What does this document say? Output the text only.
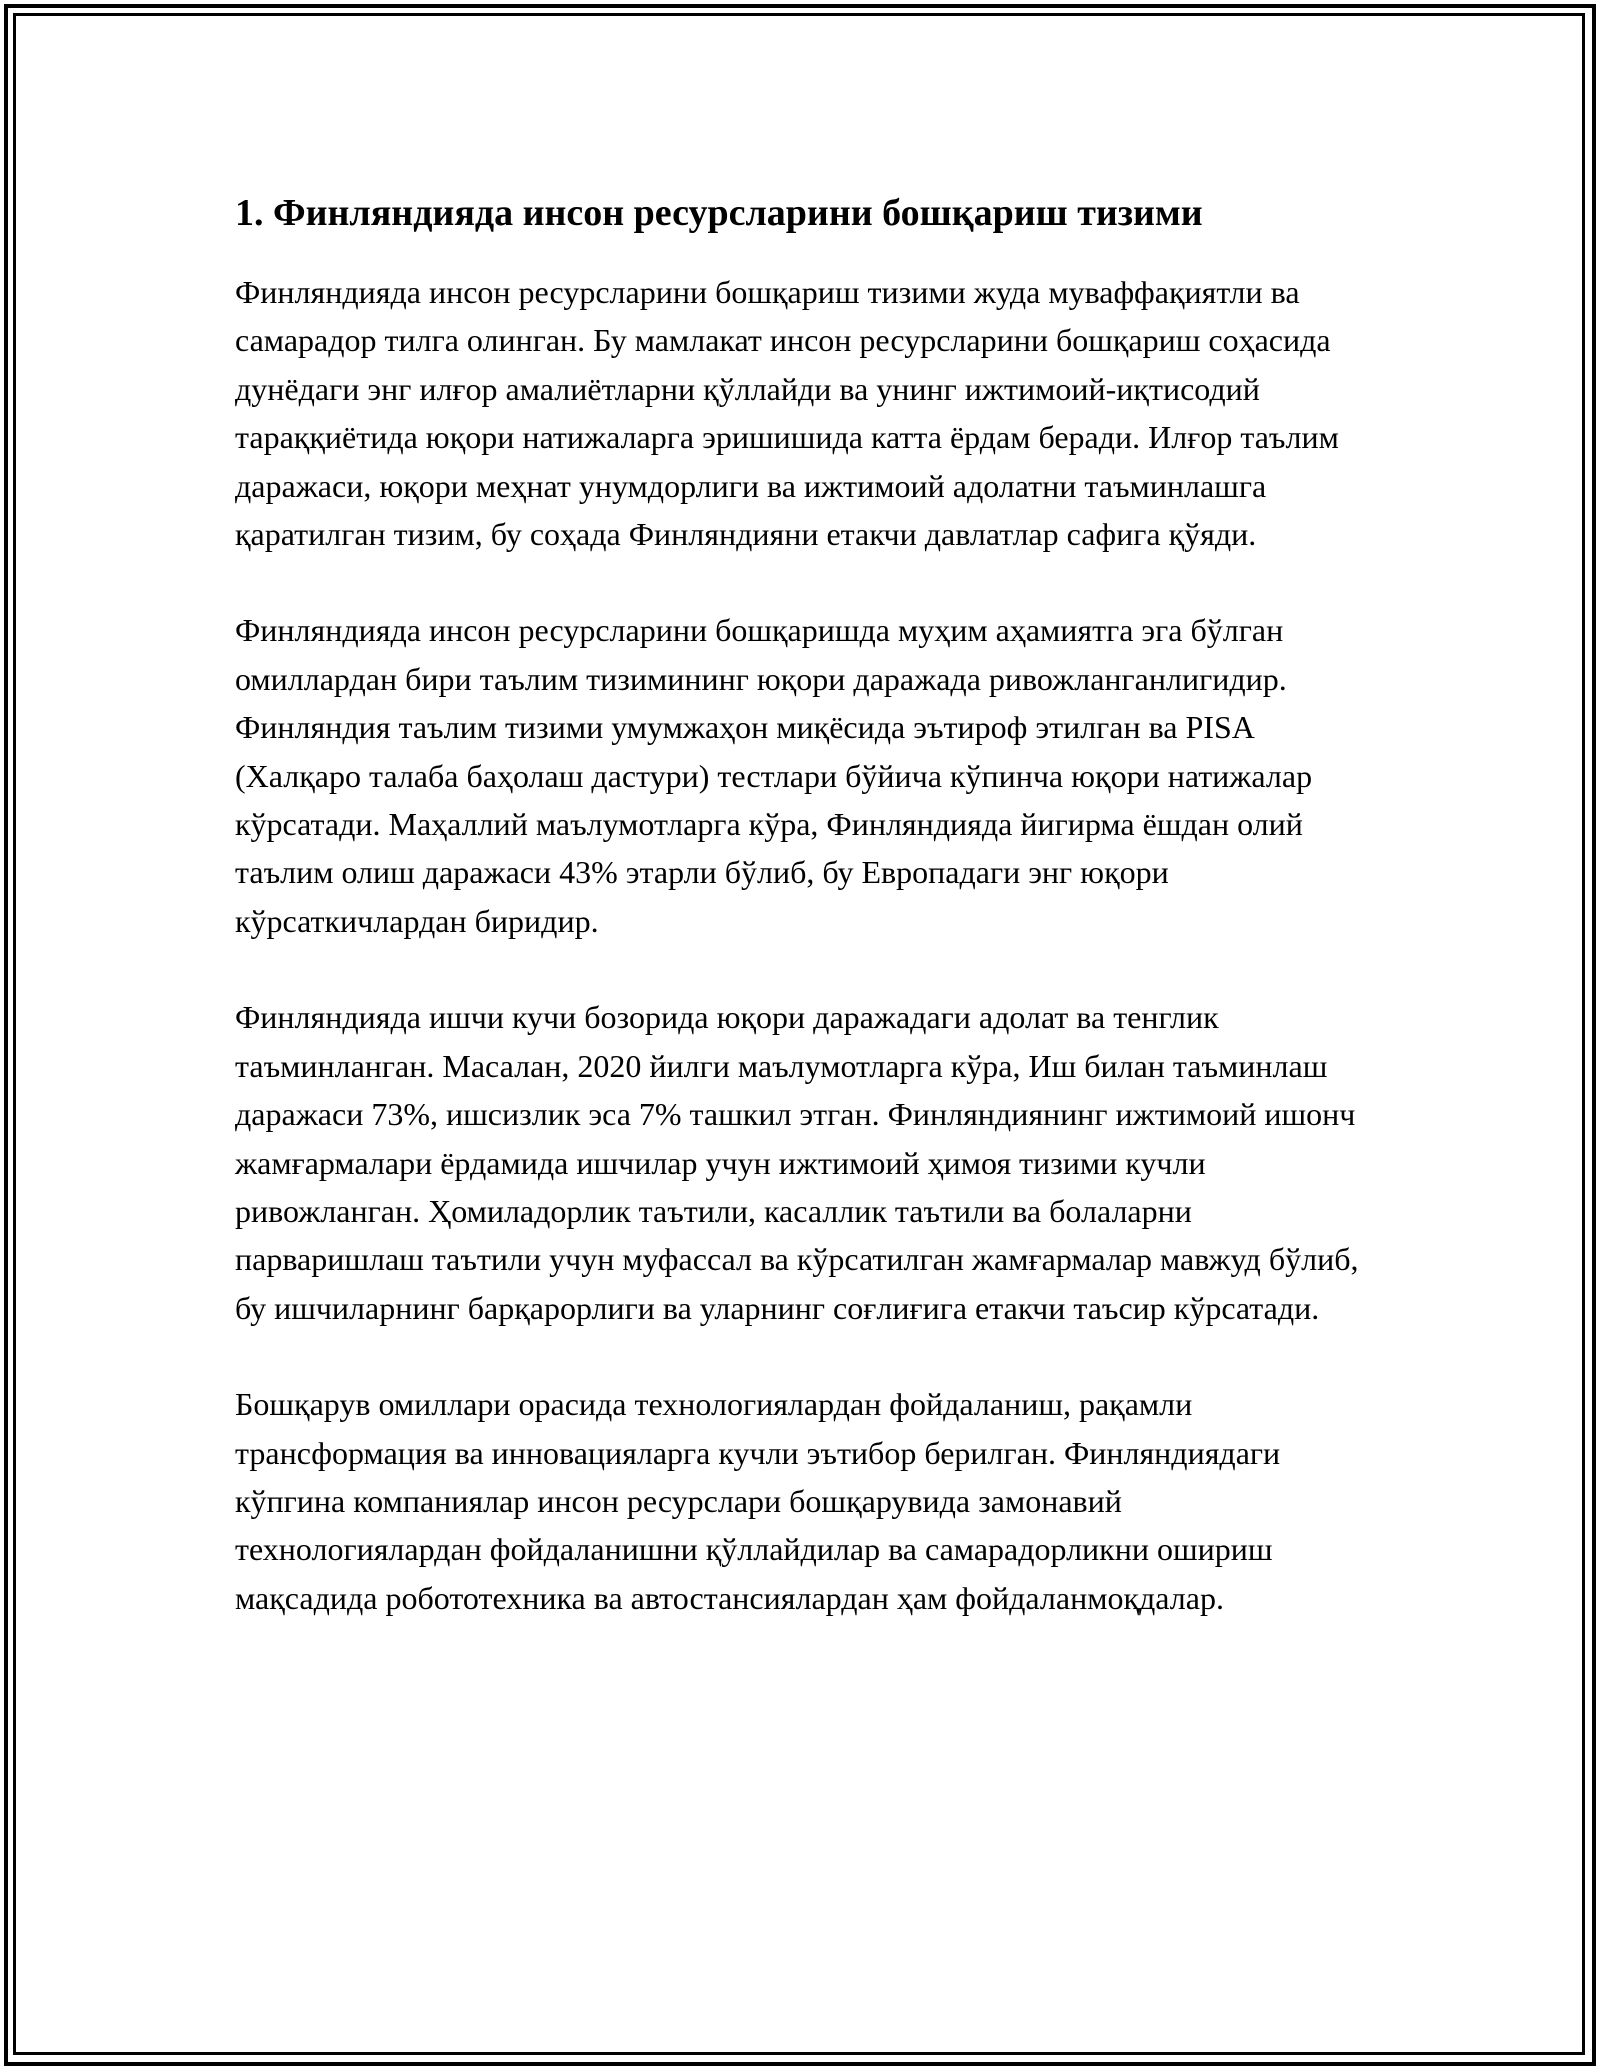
1. Финляндияда инсон ресурсларини бошқариш тизими

Финляндияда инсон ресурсларини бошқариш тизими жуда муваффақиятли ва самарадор тилга олинган. Бу мамлакат инсон ресурсларини бошқариш соҳасида дунёдаги энг илғор амалиётларни қўллайди ва унинг ижтимоий-иқтисодий тараққиётида юқори натижаларга эришишида катта ёрдам беради. Илғор таълим даражаси, юқори меҳнат унумдорлиги ва ижтимоий адолатни таъминлашга қаратилган тизим, бу соҳада Финляндияни етакчи давлатлар сафига қўяди.

Финляндияда инсон ресурсларини бошқаришда муҳим аҳамиятга эга бўлган омиллардан бири таълим тизимининг юқори даражада ривожланганлигидир. Финляндия таълим тизими умумжаҳон миқёсида эътироф этилган ва PISA (Халқаро талаба баҳолаш дастури) тестлари бўйича кўпинча юқори натижалар кўрсатади. Маҳаллий маълумотларга кўра, Финляндияда йигирма ёшдан олий таълим олиш даражаси 43% этарли бўлиб, бу Европадаги энг юқори кўрсаткичлардан биридир.

Финляндияда ишчи кучи бозорида юқори даражадаги адолат ва тенглик таъминланган. Масалан, 2020 йилги маълумотларга кўра, Иш билан таъминлаш даражаси 73%, ишсизлик эса 7% ташкил этган. Финляндиянинг ижтимоий ишонч жамғармалари ёрдамида ишчилар учун ижтимоий ҳимоя тизими кучли ривожланган. Ҳомиладорлик таътили, касаллик таътили ва болаларни парваришлаш таътили учун муфассал ва кўрсатилган жамғармалар мавжуд бўлиб, бу ишчиларнинг барқарорлиги ва уларнинг соғлиғига етакчи таъсир кўрсатади.

Бошқарув омиллари орасида технологиялардан фойдаланиш, рақамли трансформация ва инновацияларга кучли эътибор берилган. Финляндиядаги кўпгина компаниялар инсон ресурслари бошқарувида замонавий технологиялардан фойдаланишни қўллайдилар ва самарадорликни ошириш мақсадида робототехника ва автостансиялардан ҳам фойдаланмоқдалар.
